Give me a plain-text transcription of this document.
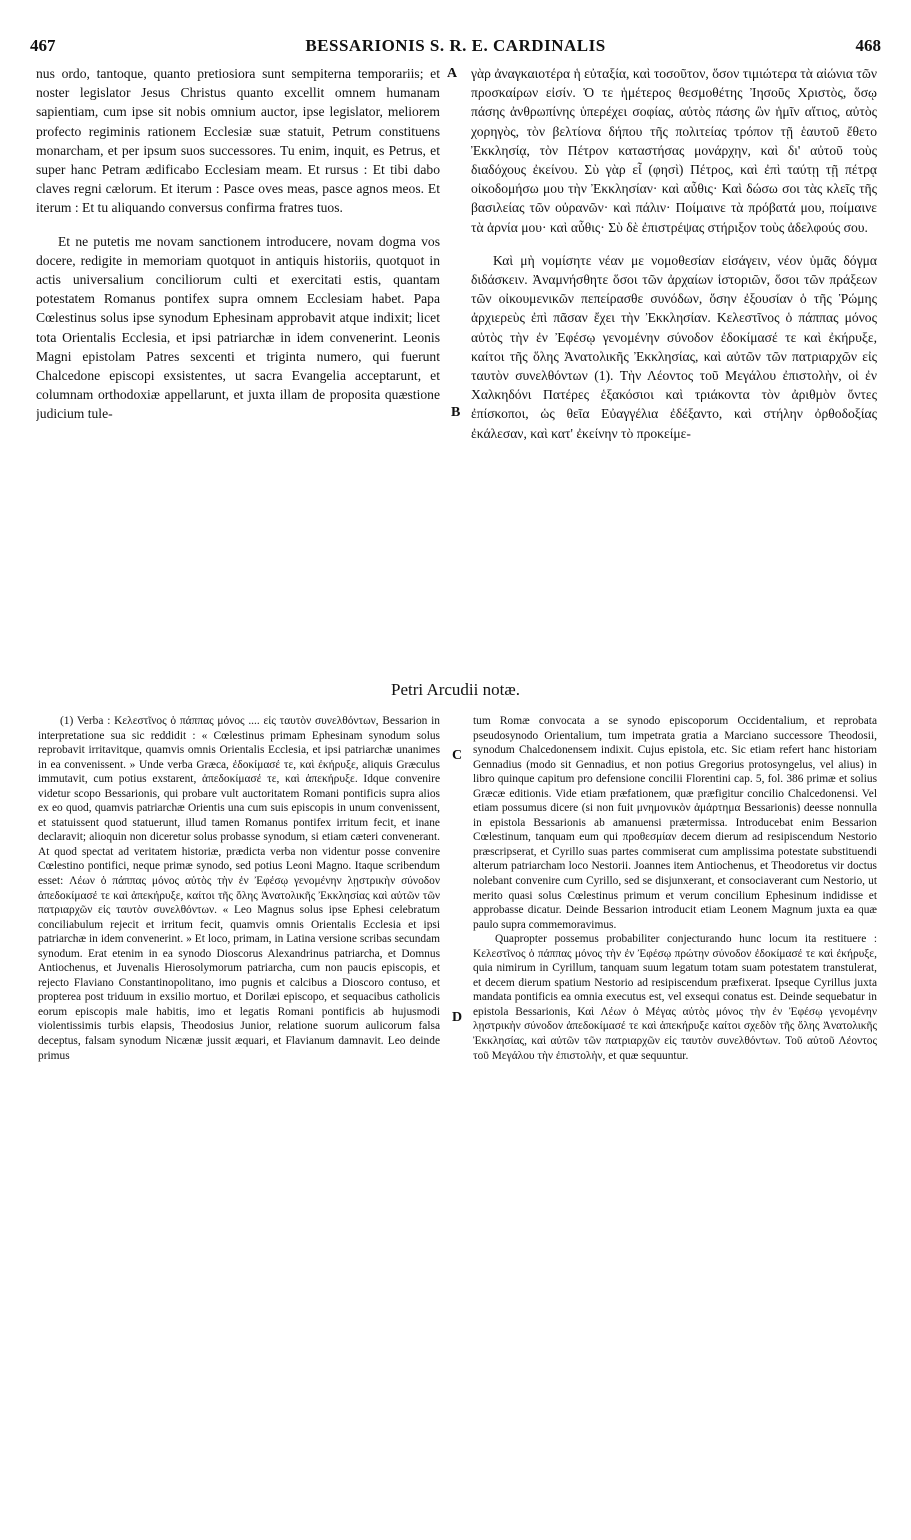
467	BESSARIONIS S. R. E. CARDINALIS	468

nus ordo, tantoque, quanto pretiosiora sunt sempiterna temporariis; et noster legislator Jesus Christus quanto excellit omnem humanam sapientiam, cum ipse sit nobis omnium auctor, ipse legislator, meliorem profecto regiminis rationem Ecclesiæ suæ statuit, Petrum constituens monarcham, et per ipsum suos successores. Tu enim, inquit, es Petrus, et super hanc Petram ædificabo Ecclesiam meam. Et rursus : Et tibi dabo claves regni cælorum. Et iterum : Pasce oves meas, pasce agnos meos. Et iterum : Et tu aliquando conversus confirma fratres tuos.

Et ne putetis me novam sanctionem introducere, novam dogma vos docere, redigite in memoriam quotquot in antiquis historiis, quotquot in actis universalium conciliorum culti et exercitati estis, quantam potestatem Romanus pontifex supra omnem Ecclesiam habet. Papa Cœlestinus solus ipse synodum Ephesinam approbavit atque indixit; licet tota Orientalis Ecclesia, et ipsi patriarchæ in idem convenerint. Leonis Magni epistolam Patres sexcenti et triginta numero, qui fuerunt Chalcedone episcopi exsistentes, ut sacra Evangelia acceptarunt, et columnam orthodoxiæ appellarunt, et juxta illam de proposita quæstione judicium tule-

γὰρ ἀναγκαιοτέρα ἡ εὐταξία, καὶ τοσοῦτον, ὅσον τιμιώτερα τὰ αἰώνια τῶν προσκαίρων εἰσίν. Ὁ τε ἡμέτερος θεσμοθέτης Ἰησοῦς Χριστὸς, ὅσῳ πάσης ἀνθρωπίνης ὑπερέχει σοφίας, αὐτὸς πάσης ὢν ἡμῖν αἴτιος, αὐτὸς χορηγὸς, τὸν βελτίονα δήπου τῆς πολιτείας τρόπον τῇ ἑαυτοῦ ἔθετο Ἐκκλησίᾳ, τὸν Πέτρον καταστήσας μονάρχην, καὶ δι' αὐτοῦ τοὺς διαδόχους ἐκείνου. Σὺ γὰρ εἶ (φησὶ) Πέτρος, καὶ ἐπὶ ταύτῃ τῇ πέτρᾳ οἰκοδομήσω μου τὴν Ἐκκλησίαν· καὶ αὖθις· Καὶ δώσω σοι τὰς κλεῖς τῆς βασιλείας τῶν οὐρανῶν· καὶ πάλιν· Ποίμαινε τὰ πρόβατά μου, ποίμαινε τὰ ἀρνία μου· καὶ αὖθις· Σὺ δὲ ἐπιστρέψας στήριξον τοὺς ἀδελφούς σου.

Καὶ μὴ νομίσητε νέαν με νομοθεσίαν εἰσάγειν, νέον ὑμᾶς δόγμα διδάσκειν. Ἀναμνήσθητε ὅσοι τῶν ἀρχαίων ἱστοριῶν, ὅσοι τῶν πράξεων τῶν οἰκουμενικῶν πεπείρασθε συνόδων, ὅσην ἐξουσίαν ὁ τῆς Ῥώμης ἀρχιερεὺς ἐπὶ πᾶσαν ἔχει τὴν Ἐκκλησίαν. Κελεστῖνος ὁ πάππας μόνος αὐτὸς τὴν ἐν Ἐφέσῳ γενομένην σύνοδον ἐδοκίμασέ τε καὶ ἐκήρυξε, καίτοι τῆς ὅλης Ἀνατολικῆς Ἐκκλησίας, καὶ αὐτῶν τῶν πατριαρχῶν εἰς ταυτὸν συνελθόντων (1). Τὴν Λέοντος τοῦ Μεγάλου ἐπιστολὴν, οἱ ἐν Χαλκηδόνι Πατέρες ἑξακόσιοι καὶ τριάκοντα τὸν ἀριθμὸν ὄντες ἐπίσκοποι, ὡς θεῖα Εὐαγγέλια ἐδέξαντο, καὶ στήλην ὀρθοδοξίας ἐκάλεσαν, καὶ κατ' ἐκείνην τὸ προκείμε-

A
B
C
D
Petri Arcudii notæ.

(1) Verba : Κελεστῖνος ὁ πάππας μόνος .... εἰς ταυτὸν συνελθόντων, Bessarion in interpretatione sua sic reddidit : « Cœlestinus primam Ephesinam synodum solus reprobavit irritavitque, quamvis omnis Orientalis Ecclesia, et ipsi patriarchæ unanimes in ea convenissent. » Unde verba Græca, ἐδοκίμασέ τε, καὶ ἐκήρυξε, aliquis Græculus immutavit, cum potius exstarent, ἀπεδοκίμασέ τε, καὶ ἀπεκήρυξε. Idque convenire videtur scopo Bessarionis, qui probare vult auctoritatem Romani pontificis supra alios ex eo quod, quamvis patriarchæ Orientis una cum suis episcopis in unum convenissent, et statuissent quod statuerunt, illud tamen Romanus pontifex irritum fecit, et inane declaravit; alioquin non diceretur solus probasse synodum, si etiam cæteri convenerant. At quod spectat ad veritatem historiæ, prædicta verba non videntur posse convenire Cœlestino pontifici, neque primæ synodo, sed potius Leoni Magno. Itaque scribendum esset: Λέων ὁ πάππας μόνος αὐτὸς τὴν ἐν Ἐφέσῳ γενομένην λῃστρικὴν σύνοδον ἀπεδοκίμασέ τε καὶ ἀπεκήρυξε, καίτοι τῆς ὅλης Ἀνατολικῆς Ἐκκλησίας καὶ αὐτῶν τῶν πατριαρχῶν εἰς ταυτὸν συνελθόντων. « Leo Magnus solus ipse Ephesi celebratum conciliabulum rejecit et irritum fecit, quamvis omnis Orientalis Ecclesia et ipsi patriarchæ in idem convenerint. » Et loco, primam, in Latina versione scribas secundam synodum. Erat etenim in ea synodo Dioscorus Alexandrinus patriarcha, et Domnus Antiochenus, et Juvenalis Hierosolymorum patriarcha, cum non paucis episcopis, et rejecto Flaviano Constantinopolitano, imo pugnis et calcibus a Dioscoro contuso, et propterea post triduum in exsilio mortuo, et Dorilæi episcopo, et sequacibus catholicis eorum episcopis male habitis, imo et legatis Romani pontificis ab hujusmodi violentissimis turbis elapsis, Theodosius Junior, relatione suorum aulicorum falsa deceptus, falsam synodum Nicænæ jussit æquari, et Flavianum damnavit. Leo deinde primus

tum Romæ convocata a se synodo episcoporum Occidentalium, et reprobata pseudosynodo Orientalium, tum impetrata gratia a Marciano successore Theodosii, synodum Chalcedonensem indixit. Cujus epistola, etc. Sic etiam refert hanc historiam Gennadius (modo sit Gennadius, et non potius Gregorius protosyngelus, vel alius) in libro quinque capitum pro defensione concilii Florentini cap. 5, fol. 386 primæ et solius Græcæ editionis. Vide etiam præfationem, quæ præfigitur concilio Chalcedonensi. Vel etiam possumus dicere (si non fuit μνημονικὸν ἁμάρτημα Bessarionis) deesse nonnulla in epistola Bessarionis ab amanuensi prætermissa. Introducebat enim Bessarion Cœlestinum, tanquam eum qui προθεσμίαν decem dierum ad resipiscendum Nestorio præscripserat, et Cyrillo suas partes commiserat cum amplissima potestate substituendi alterum patriarcham loco Nestorii. Joannes item Antiochenus, et Theodoretus vir doctus nolebant convenire cum Cyrillo, sed se disjunxerant, et consociaverant cum Nestorio, ut merito quasi solus Cœlestinus primum et verum concilium Ephesinum indidisse et approbasse dicatur. Deinde Bessarion introducit etiam Leonem Magnum juxta ea quæ paulo supra commemoravimus.

Quapropter possemus probabiliter conjecturando hunc locum ita restituere : Κελεστῖνος ὁ πάππας μόνος τὴν ἐν Ἐφέσῳ πρώτην σύνοδον ἐδοκίμασέ τε καὶ ἐκήρυξε, quia nimirum in Cyrillum, tanquam suum legatum totam suam potestatem transtulerat, et decem dierum spatium Nestorio ad resipiscendum præfixerat. Ipseque Cyrillus juxta mandata pontificis ea omnia executus est, vel exsequi conatus est. Deinde sequebatur in epistola Bessarionis, Καὶ Λέων ὁ Μέγας αὐτὸς μόνος τὴν ἐν Ἐφέσῳ γενομένην λῃστρικὴν σύνοδον ἀπεδοκίμασέ τε καὶ ἀπεκήρυξε καίτοι σχεδὸν τῆς ὅλης Ἀνατολικῆς Ἐκκλησίας, καὶ αὐτῶν τῶν πατριαρχῶν εἰς ταυτὸν συνελθόντων. Τοῦ αὐτοῦ Λέοντος τοῦ Μεγάλου τὴν ἐπιστολὴν, et quæ sequuntur.
